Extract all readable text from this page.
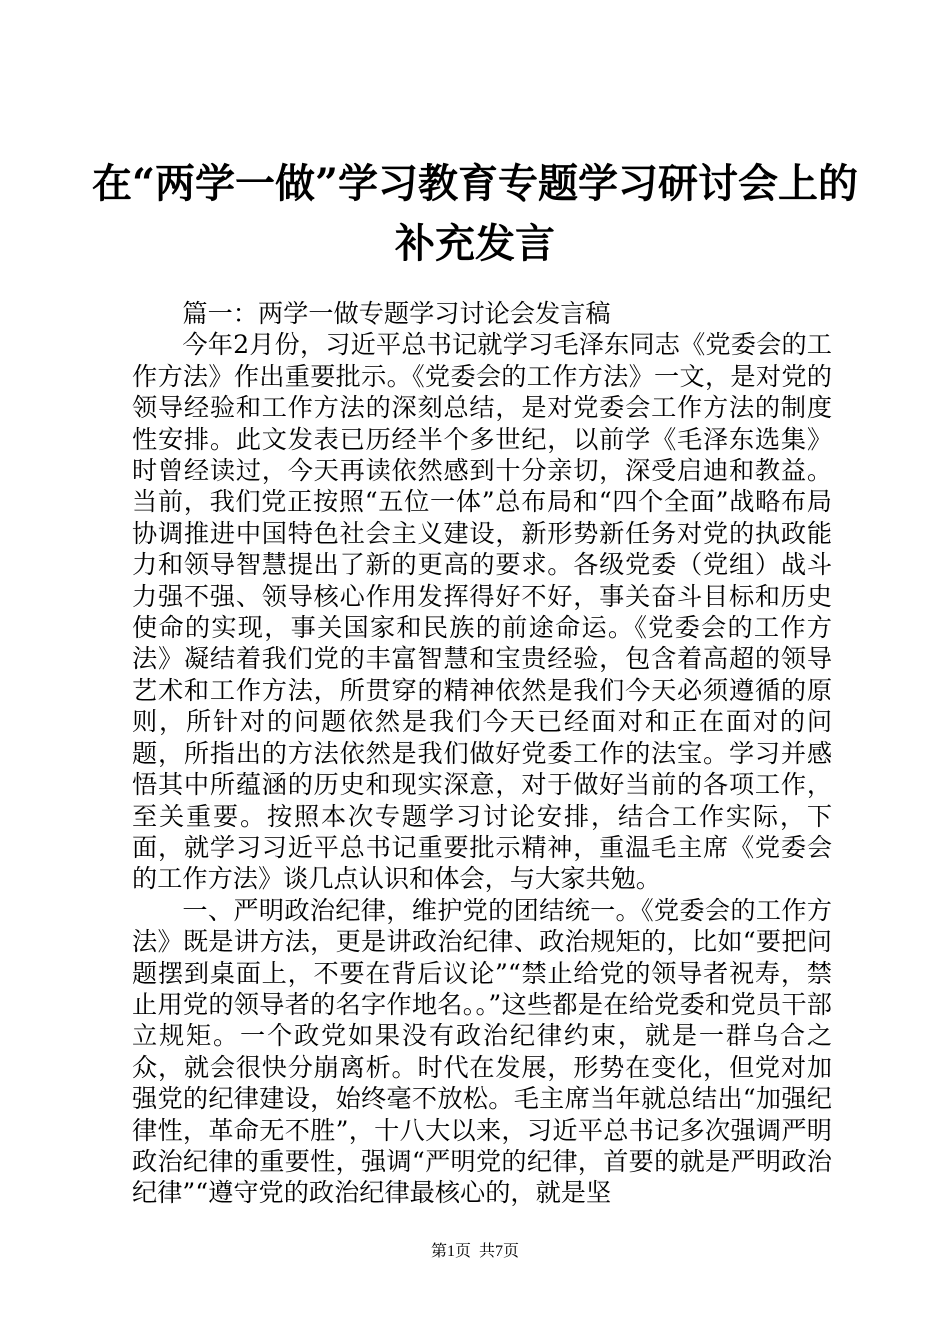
在“两学一做”学习教育专题学习研讨会上的
补充发言

篇一：两学一做专题学习讨论会发言稿

今年2月份，习近平总书记就学习毛泽东同志《党委会的工作方法》作出重要批示。《党委会的工作方法》一文，是对党的领导经验和工作方法的深刻总结，是对党委会工作方法的制度性安排。此文发表已历经半个多世纪，以前学《毛泽东选集》时曾经读过，今天再读依然感到十分亲切，深受启迪和教益。当前，我们党正按照“五位一体”总布局和“四个全面”战略布局协调推进中国特色社会主义建设，新形势新任务对党的执政能力和领导智慧提出了新的更高的要求。各级党委（党组）战斗力强不强、领导核心作用发挥得好不好，事关奋斗目标和历史使命的实现，事关国家和民族的前途命运。《党委会的工作方法》凝结着我们党的丰富智慧和宝贵经验，包含着高超的领导艺术和工作方法，所贯穿的精神依然是我们今天必须遵循的原则，所针对的问题依然是我们今天已经面对和正在面对的问题，所指出的方法依然是我们做好党委工作的法宝。学习并感悟其中所蕴涵的历史和现实深意，对于做好当前的各项工作，至关重要。按照本次专题学习讨论安排，结合工作实际，下面，就学习习近平总书记重要批示精神，重温毛主席《党委会的工作方法》谈几点认识和体会，与大家共勉。

一、严明政治纪律，维护党的团结统一。《党委会的工作方法》既是讲方法，更是讲政治纪律、政治规矩的，比如“要把问题摆到桌面上，不要在背后议论”“禁止给党的领导者祝寿，禁止用党的领导者的名字作地名。。”这些都是在给党委和党员干部立规矩。一个政党如果没有政治纪律约束，就是一群乌合之众，就会很快分崩离析。时代在发展，形势在变化，但党对加强党的纪律建设，始终毫不放松。毛主席当年就总结出“加强纪律性，革命无不胜”，十八大以来，习近平总书记多次强调严明政治纪律的重要性，强调“严明党的纪律，首要的就是严明政治纪律”“遵守党的政治纪律最核心的，就是坚

第1页  共7页
